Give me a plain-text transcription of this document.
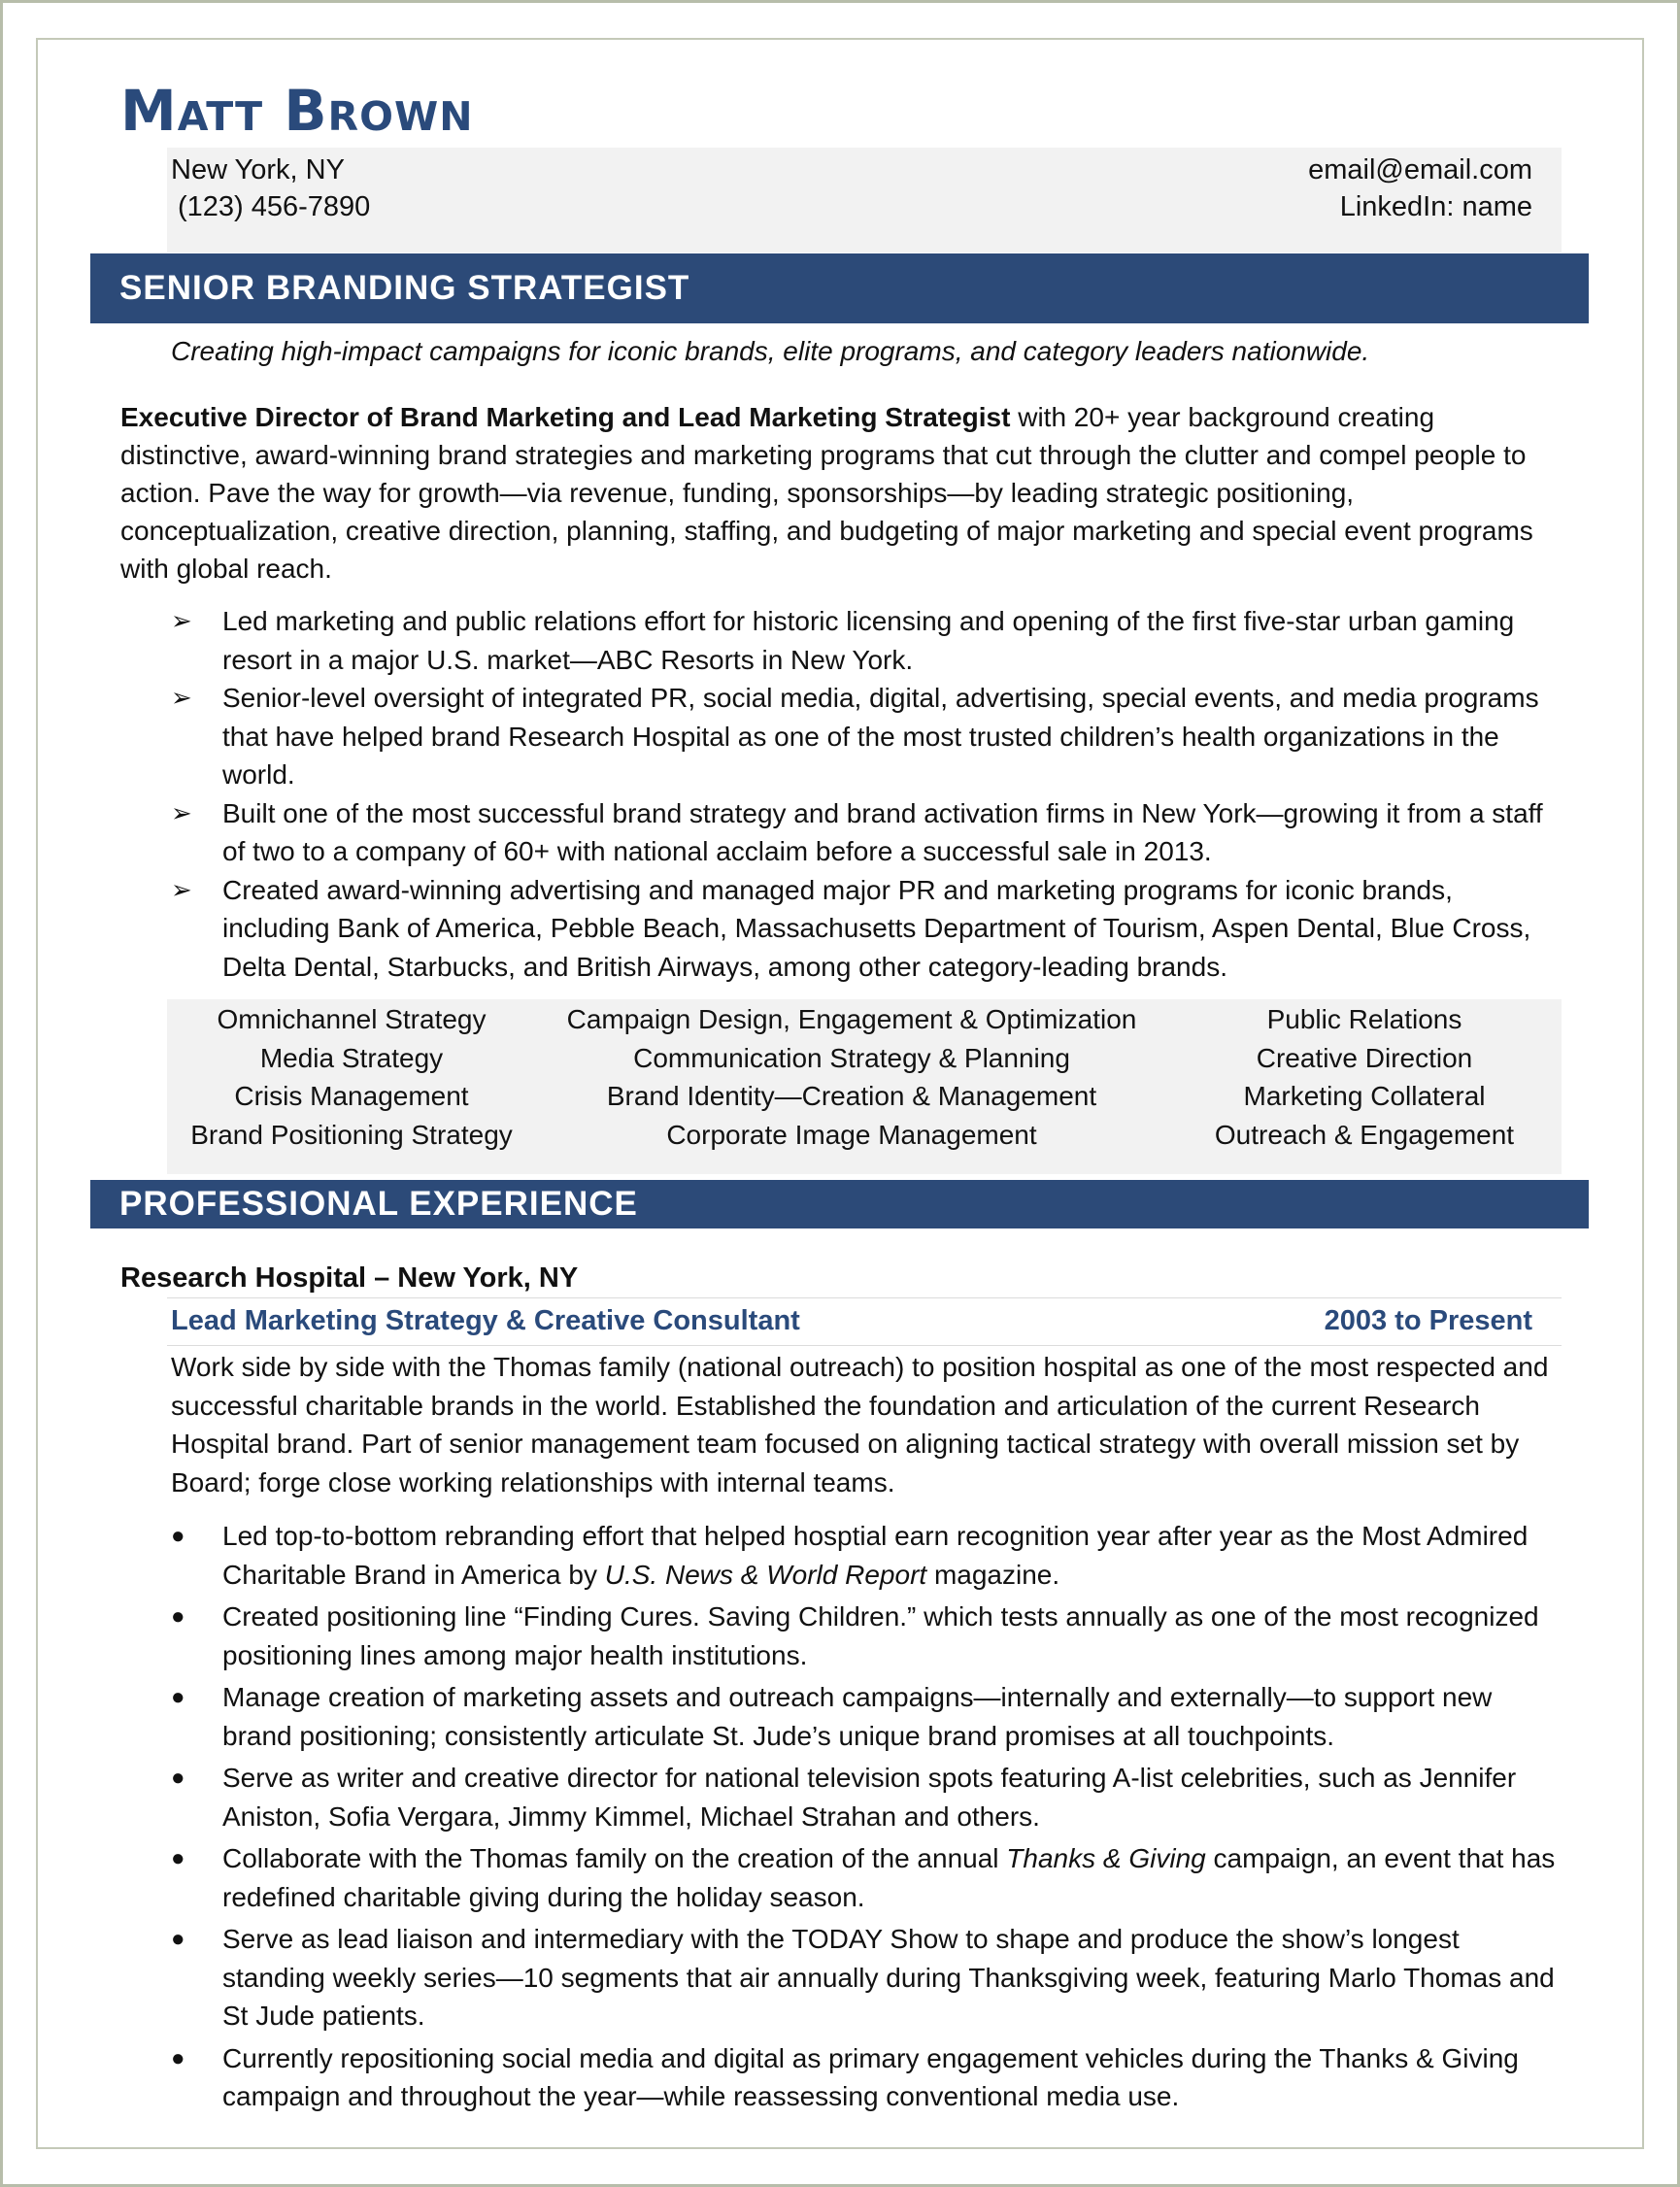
Matt Brown
New York, NY
(123) 456-7890
email@email.com
LinkedIn: name
SENIOR BRANDING STRATEGIST
Creating high-impact campaigns for iconic brands, elite programs, and category leaders nationwide.
Executive Director of Brand Marketing and Lead Marketing Strategist with 20+ year background creating distinctive, award-winning brand strategies and marketing programs that cut through the clutter and compel people to action. Pave the way for growth—via revenue, funding, sponsorships—by leading strategic positioning, conceptualization, creative direction, planning, staffing, and budgeting of major marketing and special event programs with global reach.
➢ Led marketing and public relations effort for historic licensing and opening of the first five-star urban gaming resort in a major U.S. market—ABC Resorts in New York.
➢ Senior-level oversight of integrated PR, social media, digital, advertising, special events, and media programs that have helped brand Research Hospital as one of the most trusted children’s health organizations in the world.
➢ Built one of the most successful brand strategy and brand activation firms in New York—growing it from a staff of two to a company of 60+ with national acclaim before a successful sale in 2013.
➢ Created award-winning advertising and managed major PR and marketing programs for iconic brands, including Bank of America, Pebble Beach, Massachusetts Department of Tourism, Aspen Dental, Blue Cross, Delta Dental, Starbucks, and British Airways, among other category-leading brands.
Omnichannel Strategy
Media Strategy
Crisis Management
Brand Positioning Strategy
Campaign Design, Engagement & Optimization
Communication Strategy & Planning
Brand Identity—Creation & Management
Corporate Image Management
Public Relations
Creative Direction
Marketing Collateral
Outreach & Engagement
PROFESSIONAL EXPERIENCE
Research Hospital – New York, NY
Lead Marketing Strategy & Creative Consultant	2003 to Present
Work side by side with the Thomas family (national outreach) to position hospital as one of the most respected and successful charitable brands in the world. Established the foundation and articulation of the current Research Hospital brand. Part of senior management team focused on aligning tactical strategy with overall mission set by Board; forge close working relationships with internal teams.
● Led top-to-bottom rebranding effort that helped hosptial earn recognition year after year as the Most Admired Charitable Brand in America by U.S. News & World Report magazine.
● Created positioning line “Finding Cures. Saving Children.” which tests annually as one of the most recognized positioning lines among major health institutions.
● Manage creation of marketing assets and outreach campaigns—internally and externally—to support new brand positioning; consistently articulate St. Jude’s unique brand promises at all touchpoints.
● Serve as writer and creative director for national television spots featuring A-list celebrities, such as Jennifer Aniston, Sofia Vergara, Jimmy Kimmel, Michael Strahan and others.
● Collaborate with the Thomas family on the creation of the annual Thanks & Giving campaign, an event that has redefined charitable giving during the holiday season.
● Serve as lead liaison and intermediary with the TODAY Show to shape and produce the show’s longest standing weekly series—10 segments that air annually during Thanksgiving week, featuring Marlo Thomas and St Jude patients.
● Currently repositioning social media and digital as primary engagement vehicles during the Thanks & Giving campaign and throughout the year—while reassessing conventional media use.
